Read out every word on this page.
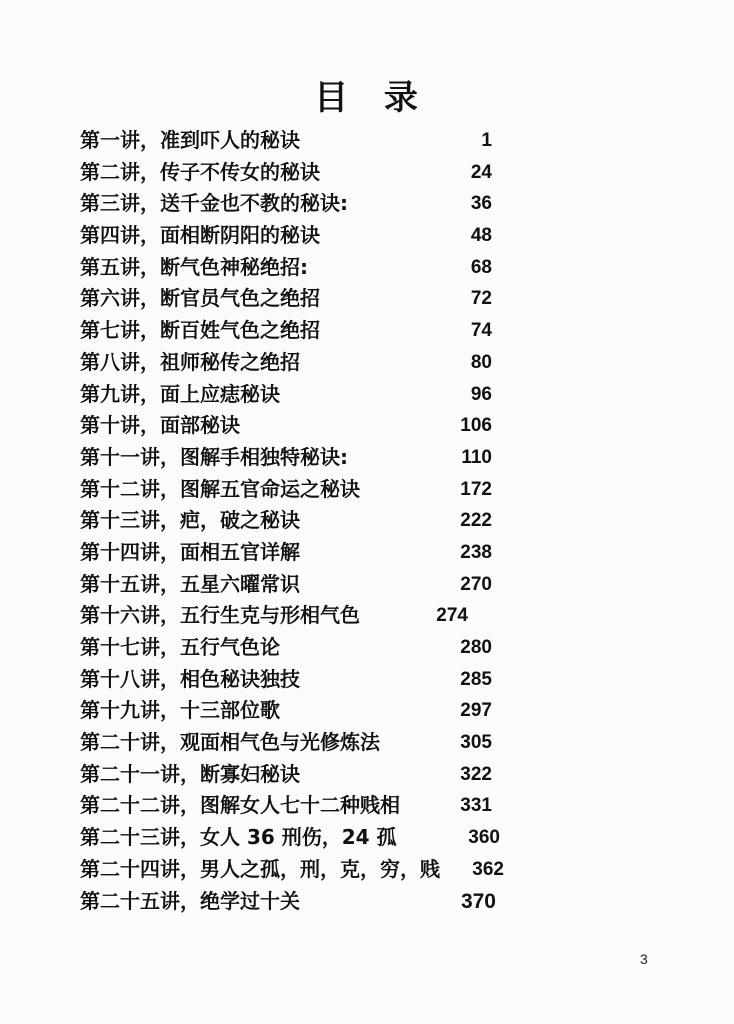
目 录
第一讲，准到吓人的秘诀	1
第二讲，传子不传女的秘诀	24
第三讲，送千金也不教的秘诀:	36
第四讲，面相断阴阳的秘诀	48
第五讲，断气色神秘绝招:	68
第六讲，断官员气色之绝招	72
第七讲，断百姓气色之绝招	74
第八讲，祖师秘传之绝招	80
第九讲，面上应痣秘诀	96
第十讲，面部秘诀	106
第十一讲，图解手相独特秘诀:	110
第十二讲，图解五官命运之秘诀	172
第十三讲，疤，破之秘诀	222
第十四讲，面相五官详解	238
第十五讲，五星六曜常识	270
第十六讲，五行生克与形相气色	274
第十七讲，五行气色论	280
第十八讲，相色秘诀独技	285
第十九讲，十三部位歌	297
第二十讲，观面相气色与光修炼法	305
第二十一讲，断寡妇秘诀	322
第二十二讲，图解女人七十二种贱相	331
第二十三讲，女人 36 刑伤，24 孤	360
第二十四讲，男人之孤，刑，克，穷，贱 362
第二十五讲，绝学过十关	370
3
